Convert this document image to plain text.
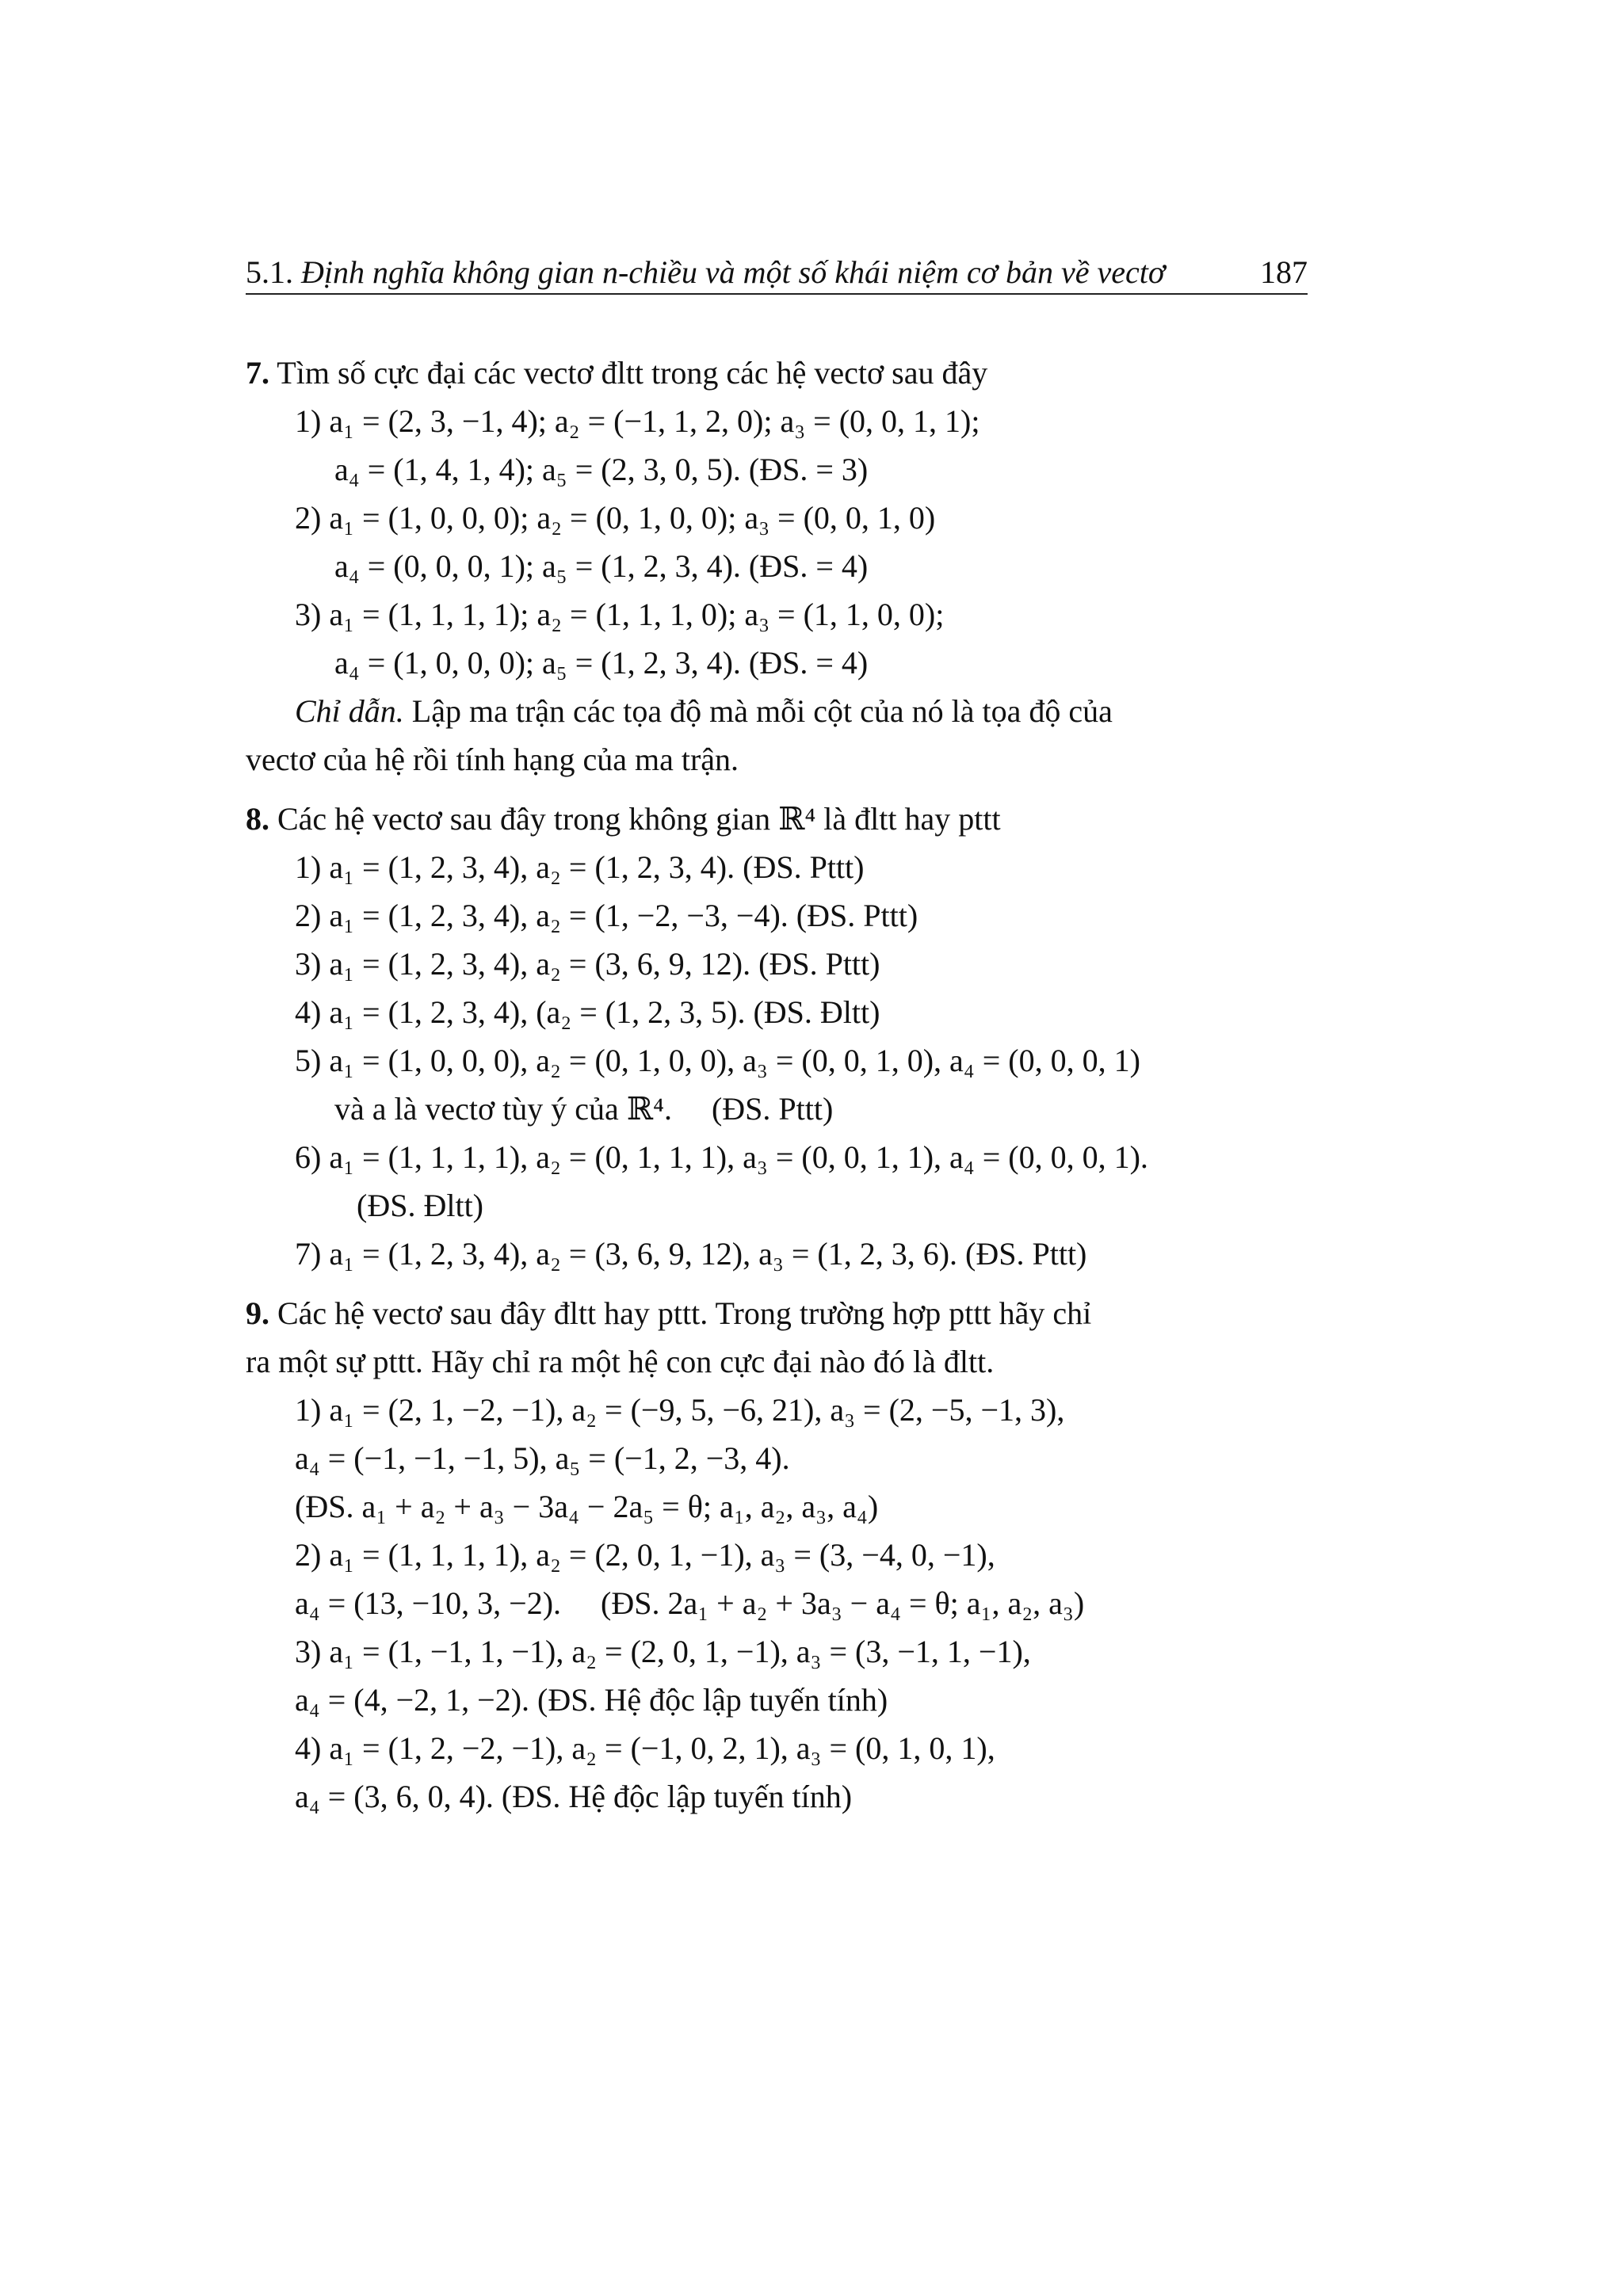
5.1. Định nghĩa không gian n-chiều và một số khái niệm cơ bản về vectơ	187
7. Tìm số cực đại các vectơ đltt trong các hệ vectơ sau đây
1) a₁ = (2, 3, −1, 4); a₂ = (−1, 1, 2, 0); a₃ = (0, 0, 1, 1);
a₄ = (1, 4, 1, 4); a₅ = (2, 3, 0, 5). (ĐS. = 3)
2) a₁ = (1, 0, 0, 0); a₂ = (0, 1, 0, 0); a₃ = (0, 0, 1, 0)
a₄ = (0, 0, 0, 1); a₅ = (1, 2, 3, 4). (ĐS. = 4)
3) a₁ = (1, 1, 1, 1); a₂ = (1, 1, 1, 0); a₃ = (1, 1, 0, 0);
a₄ = (1, 0, 0, 0); a₅ = (1, 2, 3, 4). (ĐS. = 4)
Chỉ dẫn. Lập ma trận các tọa độ mà mỗi cột của nó là tọa độ của
vectơ của hệ rồi tính hạng của ma trận.
8. Các hệ vectơ sau đây trong không gian ℝ⁴ là đltt hay pttt
1) a₁ = (1, 2, 3, 4), a₂ = (1, 2, 3, 4). (ĐS. Pttt)
2) a₁ = (1, 2, 3, 4), a₂ = (1, −2, −3, −4). (ĐS. Pttt)
3) a₁ = (1, 2, 3, 4), a₂ = (3, 6, 9, 12). (ĐS. Pttt)
4) a₁ = (1, 2, 3, 4), (a₂ = (1, 2, 3, 5). (ĐS. Đltt)
5) a₁ = (1, 0, 0, 0), a₂ = (0, 1, 0, 0), a₃ = (0, 0, 1, 0), a₄ = (0, 0, 0, 1)
và a là vectơ tùy ý của ℝ⁴.     (ĐS. Pttt)
6) a₁ = (1, 1, 1, 1), a₂ = (0, 1, 1, 1), a₃ = (0, 0, 1, 1), a₄ = (0, 0, 0, 1).
(ĐS. Đltt)
7) a₁ = (1, 2, 3, 4), a₂ = (3, 6, 9, 12), a₃ = (1, 2, 3, 6). (ĐS. Pttt)
9. Các hệ vectơ sau đây đltt hay pttt. Trong trường hợp pttt hãy chỉ
ra một sự pttt. Hãy chỉ ra một hệ con cực đại nào đó là đltt.
1) a₁ = (2, 1, −2, −1), a₂ = (−9, 5, −6, 21), a₃ = (2, −5, −1, 3),
a₄ = (−1, −1, −1, 5), a₅ = (−1, 2, −3, 4).
(ĐS. a₁ + a₂ + a₃ − 3a₄ − 2a₅ = θ; a₁, a₂, a₃, a₄)
2) a₁ = (1, 1, 1, 1), a₂ = (2, 0, 1, −1), a₃ = (3, −4, 0, −1),
a₄ = (13, −10, 3, −2).     (ĐS. 2a₁ + a₂ + 3a₃ − a₄ = θ; a₁, a₂, a₃)
3) a₁ = (1, −1, 1, −1), a₂ = (2, 0, 1, −1), a₃ = (3, −1, 1, −1),
a₄ = (4, −2, 1, −2). (ĐS. Hệ độc lập tuyến tính)
4) a₁ = (1, 2, −2, −1), a₂ = (−1, 0, 2, 1), a₃ = (0, 1, 0, 1),
a₄ = (3, 6, 0, 4). (ĐS. Hệ độc lập tuyến tính)
